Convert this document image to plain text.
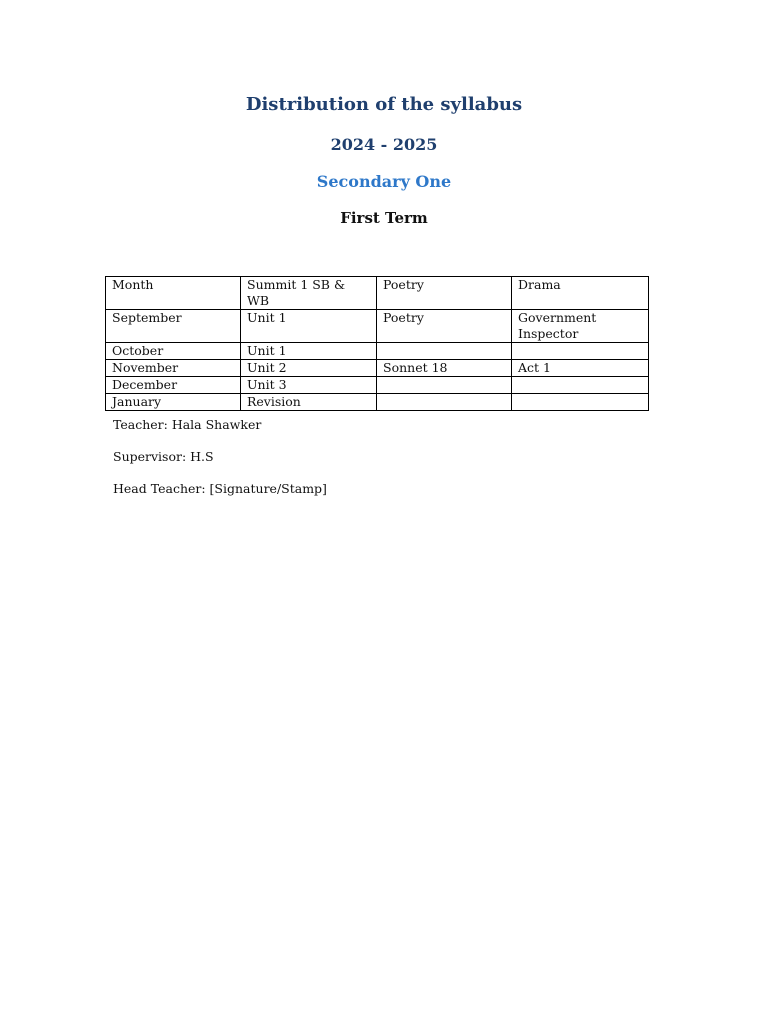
Distribution of the syllabus
2024 - 2025
Secondary One
First Term
Month	Summit 1 SB & WB	Poetry	Drama
September	Unit 1	Poetry	Government Inspector
October	Unit 1		
November	Unit 2	Sonnet 18	Act 1
December	Unit 3		
January	Revision		

Teacher: Hala Shawker

Supervisor: H.S

Head Teacher: [Signature/Stamp]
